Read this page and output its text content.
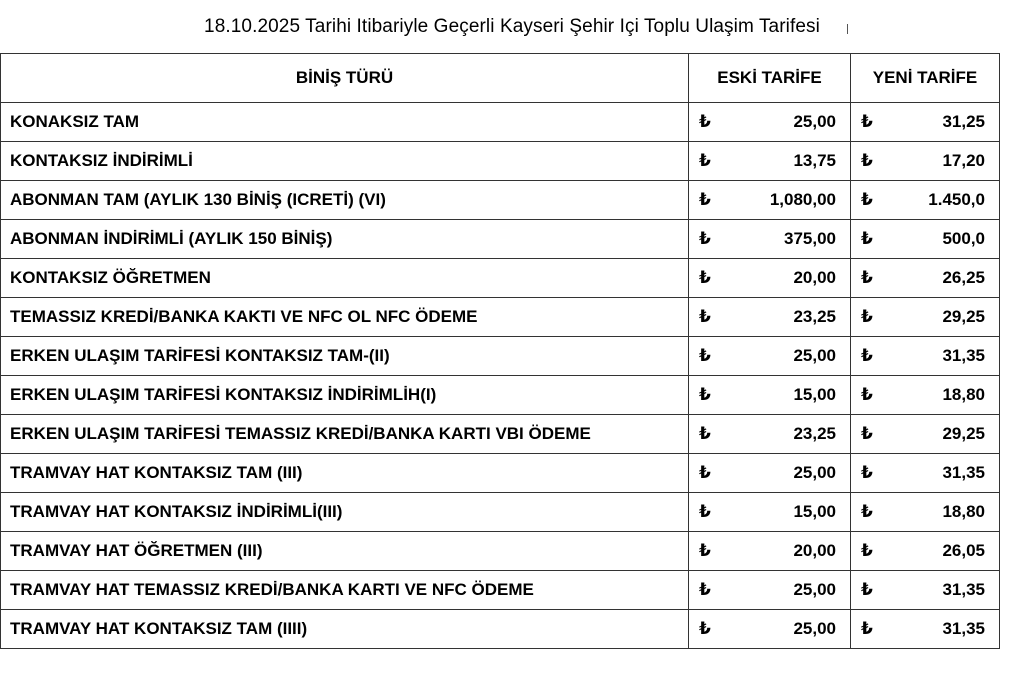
18.10.2025 Tarihi Itibariyle Geçerli Kayseri Şehir Içi Toplu Ulaşim Tarifesi
BİNİŞ TÜRÜ	ESKİ TARİFE		YENİ TARİFE	
KONAKSIZ TAM	₺	25,00	₺	31,25
KONTAKSIZ İNDİRİMLİ	₺	13,75	₺	17,20
ABONMAN TAM (AYLIK 130 BİNİŞ (ICRETİ) (VI)	₺	1,080,00	₺	1.450,0
ABONMAN İNDİRİMLİ (AYLIK 150 BİNİŞ)	₺	375,00	₺	500,0
KONTAKSIZ ÖĞRETMEN	₺	20,00	₺	26,25
TEMASSIZ KREDİ/BANKA KAKTI VE NFC OL NFC ÖDEME	₺	23,25	₺	29,25
ERKEN ULAŞIM TARİFESİ KONTAKSIZ TAM-(II)	₺	25,00	₺	31,35
ERKEN ULAŞIM TARİFESİ KONTAKSIZ İNDİRİMLİH(I)	₺	15,00	₺	18,80
ERKEN ULAŞIM TARİFESİ TEMASSIZ KREDİ/BANKA KARTI VBI ÖDEME	₺	23,25	₺	29,25
TRAMVAY HAT KONTAKSIZ TAM (III)	₺	25,00	₺	31,35
TRAMVAY HAT KONTAKSIZ İNDİRİMLİ(III)	₺	15,00	₺	18,80
TRAMVAY HAT ÖĞRETMEN (III)	₺	20,00	₺	26,05
TRAMVAY HAT TEMASSIZ KREDİ/BANKA KARTI VE NFC ÖDEME	₺	25,00	₺	31,35
TRAMVAY HAT KONTAKSIZ TAM (IIII)	₺	25,00	₺	31,35
